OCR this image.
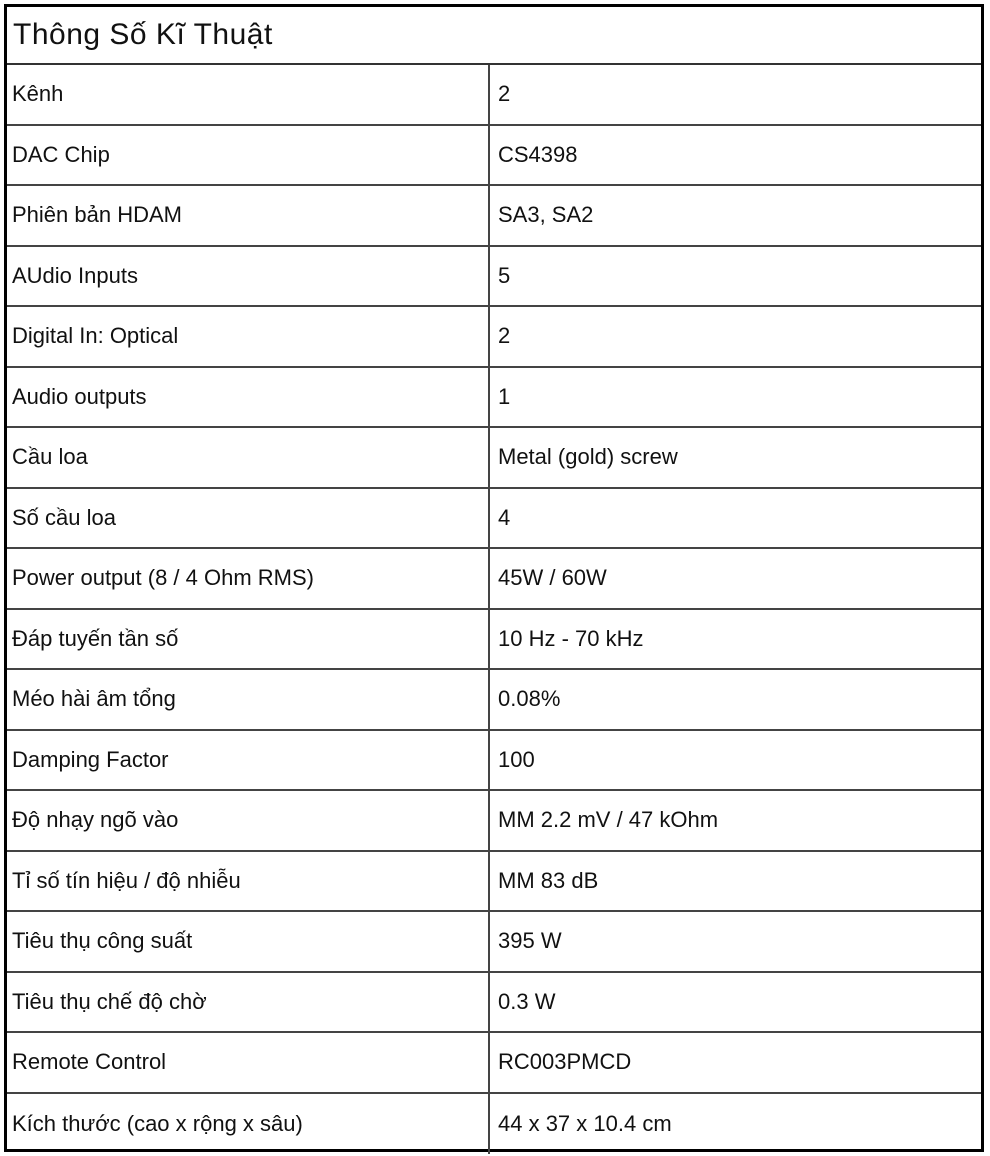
Thông Số Kĩ Thuật
Kênh	2
DAC Chip	CS4398
Phiên bản HDAM	SA3, SA2
AUdio Inputs	5
Digital In: Optical	2
Audio outputs	1
Cầu loa	Metal (gold) screw
Số cầu loa	4
Power output (8 / 4 Ohm RMS)	45W / 60W
Đáp tuyến tần số	10 Hz - 70 kHz
Méo hài âm tổng	0.08%
Damping Factor	100
Độ nhạy ngõ vào	MM 2.2 mV / 47 kOhm
Tỉ số tín hiệu / độ nhiễu	MM 83 dB
Tiêu thụ công suất	395 W
Tiêu thụ chế độ chờ	0.3 W
Remote Control	RC003PMCD
Kích thước (cao x rộng x sâu)	44 x 37 x 10.4 cm
